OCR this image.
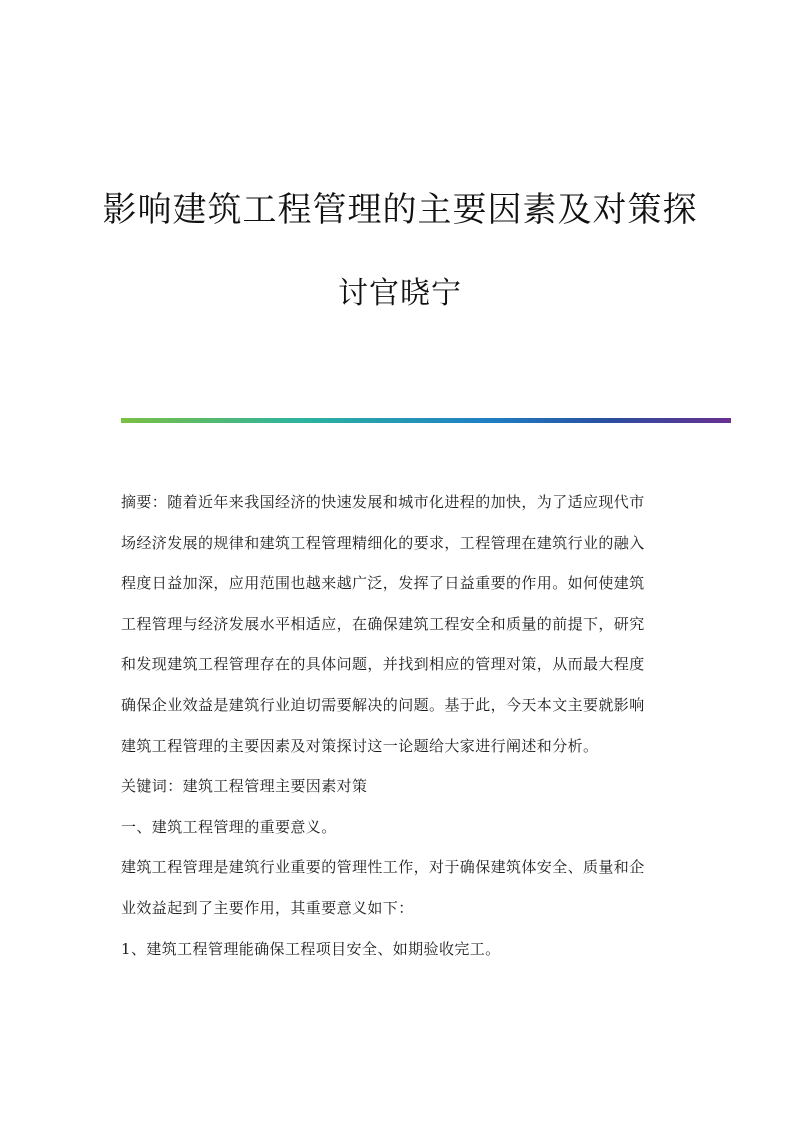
影响建筑工程管理的主要因素及对策探
讨官晓宁
摘要：随着近年来我国经济的快速发展和城市化进程的加快，为了适应现代市
场经济发展的规律和建筑工程管理精细化的要求，工程管理在建筑行业的融入
程度日益加深，应用范围也越来越广泛，发挥了日益重要的作用。如何使建筑
工程管理与经济发展水平相适应，在确保建筑工程安全和质量的前提下，研究
和发现建筑工程管理存在的具体问题，并找到相应的管理对策，从而最大程度
确保企业效益是建筑行业迫切需要解决的问题。基于此，今天本文主要就影响
建筑工程管理的主要因素及对策探讨这一论题给大家进行阐述和分析。
关键词：建筑工程管理主要因素对策
一、建筑工程管理的重要意义。
建筑工程管理是建筑行业重要的管理性工作，对于确保建筑体安全、质量和企
业效益起到了主要作用，其重要意义如下：
1、建筑工程管理能确保工程项目安全、如期验收完工。
